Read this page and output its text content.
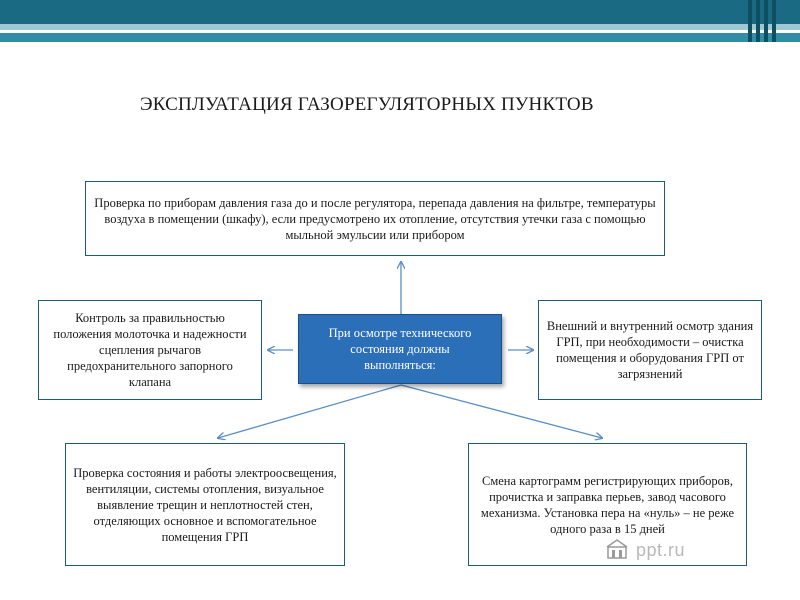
ЭКСПЛУАТАЦИЯ ГАЗОРЕГУЛЯТОРНЫХ ПУНКТОВ
Проверка по приборам давления газа до и после регулятора, перепада давления на фильтре, температуры воздуха в помещении (шкафу), если предусмотрено их отопление, отсутствия утечки газа с помощью мыльной эмульсии или прибором
Контроль за правильностью положения молоточка и надежности сцепления рычагов предохранительного запорного клапана
При осмотре технического состояния должны выполняться:
Внешний и внутренний осмотр здания ГРП, при необходимости – очистка помещения и оборудования ГРП от загрязнений
Проверка состояния и работы электроосвещения, вентиляции, системы отопления, визуальное выявление трещин и неплотностей стен, отделяющих основное и вспомогательное помещения ГРП
Смена картограмм регистрирующих приборов, прочистка и заправка перьев, завод часового механизма. Установка пера на «нуль» – не реже одного раза в 15 дней
ppt.ru
